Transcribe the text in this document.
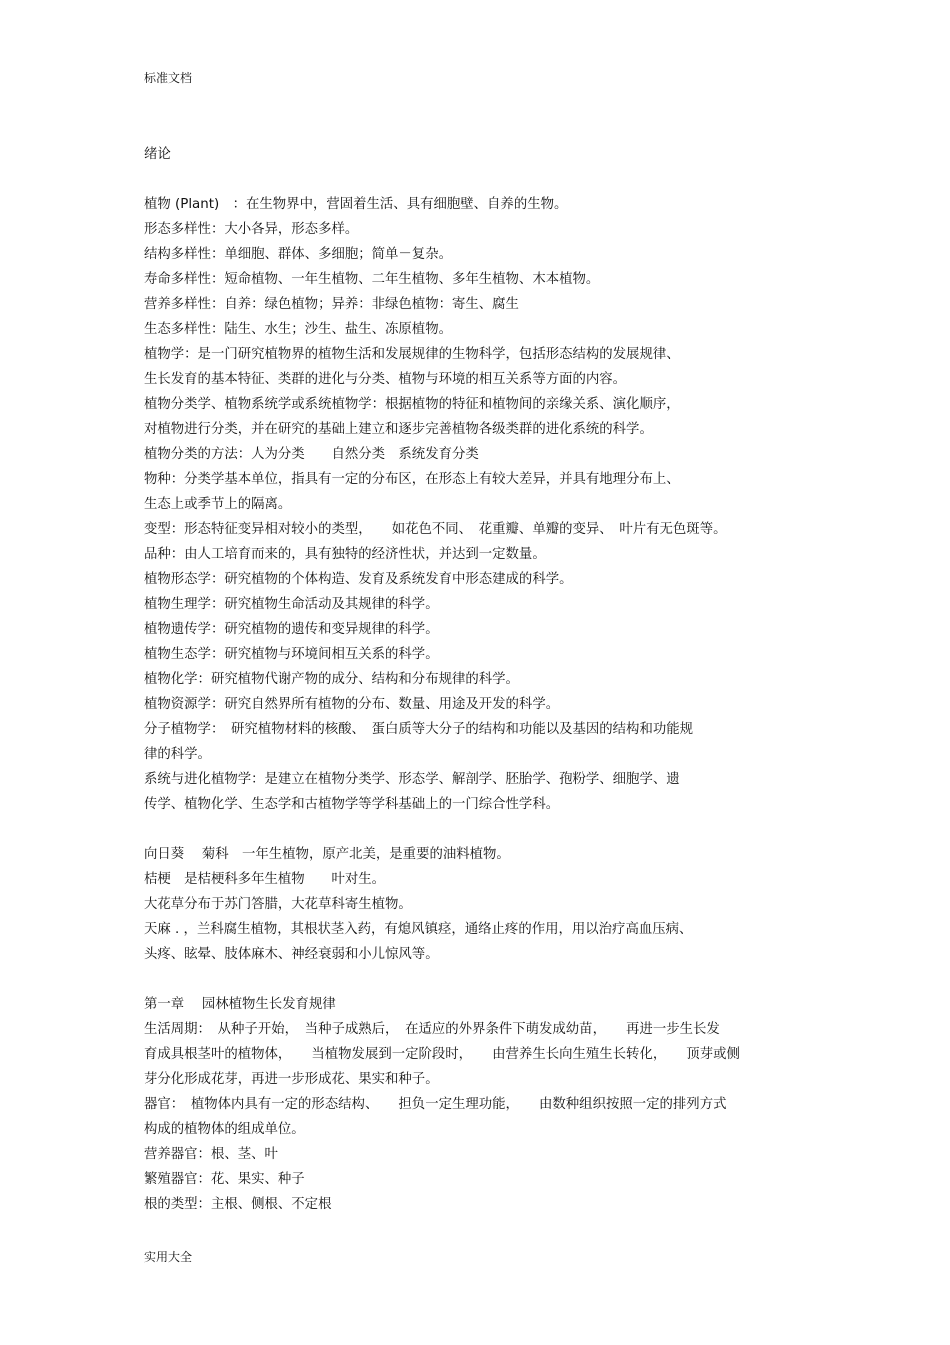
标准文档
绪论
植物 (Plant)　：在生物界中，营固着生活、具有细胞壁、自养的生物。
形态多样性：大小各异，形态多样。
结构多样性：单细胞、群体、多细胞；简单－复杂。
寿命多样性：短命植物、一年生植物、二年生植物、多年生植物、木本植物。
营养多样性：自养：绿色植物；异养：非绿色植物：寄生、腐生
生态多样性：陆生、水生；沙生、盐生、冻原植物。
植物学：是一门研究植物界的植物生活和发展规律的生物科学，包括形态结构的发展规律、
生长发育的基本特征、类群的进化与分类、植物与环境的相互关系等方面的内容。
植物分类学、植物系统学或系统植物学：根据植物的特征和植物间的亲缘关系、演化顺序，
对植物进行分类，并在研究的基础上建立和逐步完善植物各级类群的进化系统的科学。
植物分类的方法：人为分类　　自然分类　系统发育分类
物种：分类学基本单位，指具有一定的分布区，在形态上有较大差异，并具有地理分布上、
生态上或季节上的隔离。
变型：形态特征变异相对较小的类型，　　如花色不同、　花重瓣、单瓣的变异、　叶片有无色斑等。
品种：由人工培育而来的，具有独特的经济性状，并达到一定数量。
植物形态学：研究植物的个体构造、发育及系统发育中形态建成的科学。
植物生理学：研究植物生命活动及其规律的科学。
植物遗传学：研究植物的遗传和变异规律的科学。
植物生态学：研究植物与环境间相互关系的科学。
植物化学：研究植物代谢产物的成分、结构和分布规律的科学。
植物资源学：研究自然界所有植物的分布、数量、用途及开发的科学。
分子植物学：　研究植物材料的核酸、　蛋白质等大分子的结构和功能以及基因的结构和功能规
律的科学。
系统与进化植物学：是建立在植物分类学、形态学、解剖学、胚胎学、孢粉学、细胞学、遗
传学、植物化学、生态学和古植物学等学科基础上的一门综合性学科。
向日葵　 菊科　一年生植物，原产北美，是重要的油料植物。
桔梗　是桔梗科多年生植物　　叶对生。
大花草分布于苏门答腊，大花草科寄生植物。
天麻 . ，兰科腐生植物，其根状茎入药，有熄风镇痉，通络止疼的作用，用以治疗高血压病、
头疼、眩晕、肢体麻木、神经衰弱和小儿惊风等。
第一章　 园林植物生长发育规律
生活周期：　从种子开始，　当种子成熟后，　在适应的外界条件下萌发成幼苗，　　再进一步生长发
育成具根茎叶的植物体，　　当植物发展到一定阶段时，　　由营养生长向生殖生长转化，　　顶芽或侧
芽分化形成花芽，再进一步形成花、果实和种子。
器官：　植物体内具有一定的形态结构、　　担负一定生理功能，　　由数种组织按照一定的排列方式
构成的植物体的组成单位。
营养器官：根、茎、叶
繁殖器官：花、果实、种子
根的类型：主根、侧根、不定根
实用大全
